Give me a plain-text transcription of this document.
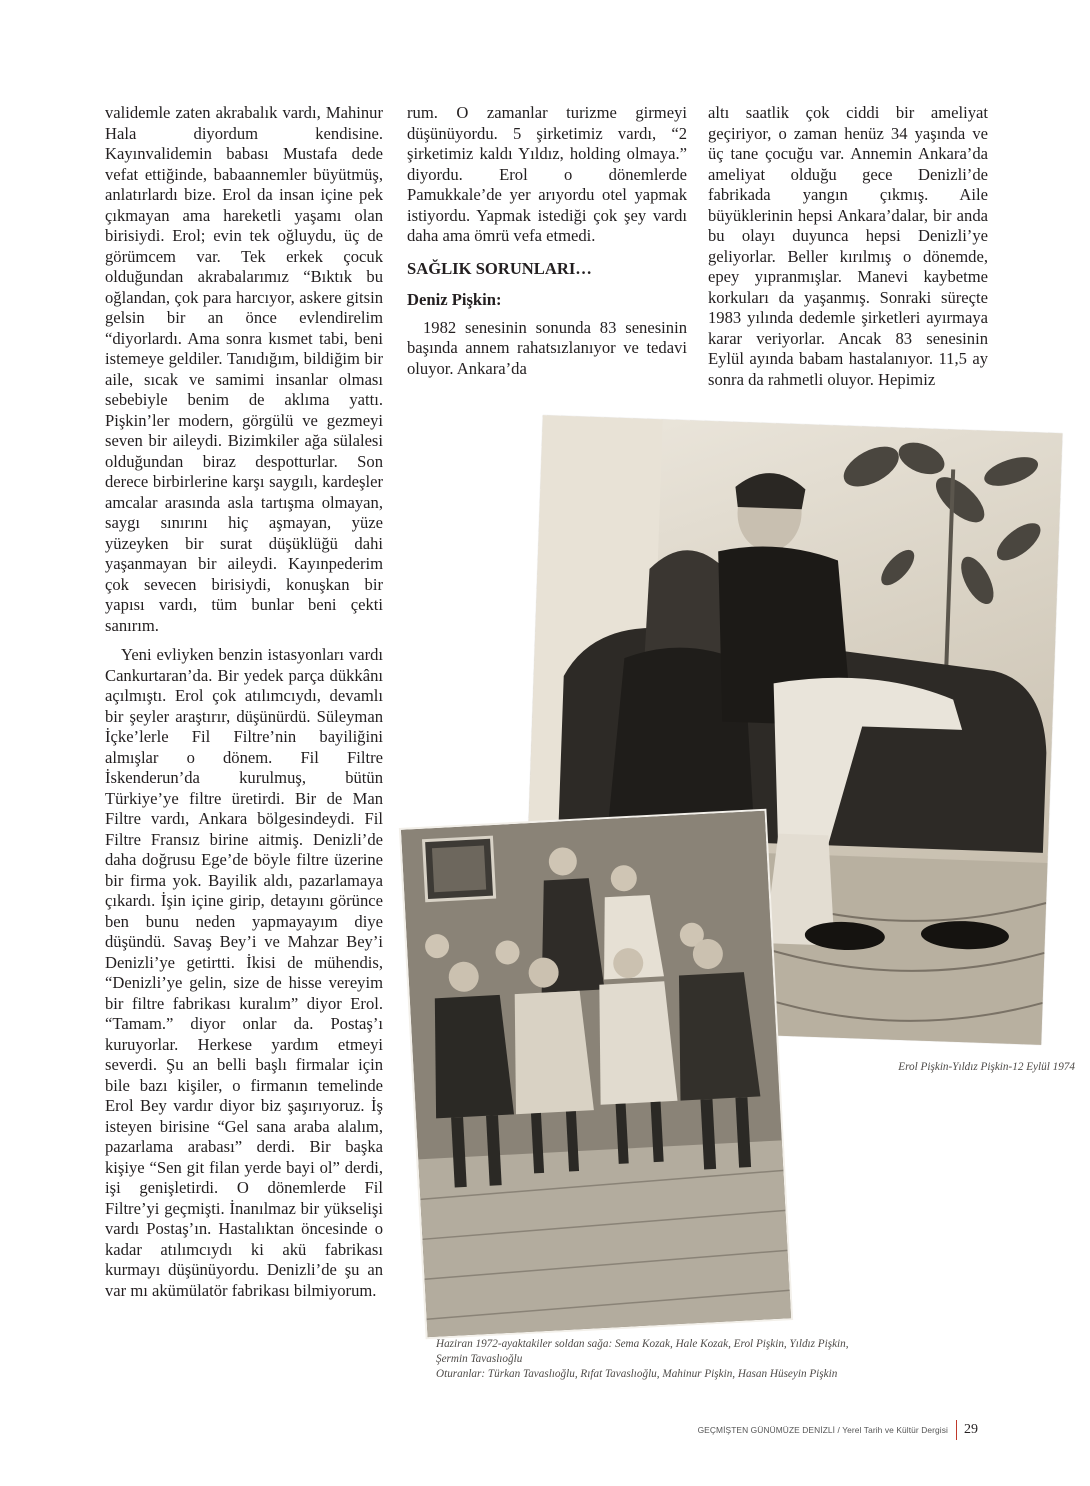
validemle zaten akrabalık vardı, Mahinur Hala diyordum kendisine. Kayınvalidemin babası Mustafa dede vefat ettiğinde, babaannemler büyütmüş, anlatırlardı bize. Erol da insan içine pek çıkmayan ama hareketli yaşamı olan birisiydi. Erol; evin tek oğluydu, üç de görümcem var. Tek erkek çocuk olduğundan akrabalarımız “Bıktık bu oğlandan, çok para harcıyor, askere gitsin gelsin bir an önce evlendirelim “diyorlardı. Ama sonra kısmet tabi, beni istemeye geldiler. Tanıdığım, bildiğim bir aile, sıcak ve samimi insanlar olması sebebiyle benim de aklıma yattı. Pişkin’ler modern, görgülü ve gezmeyi seven bir aileydi. Bizimkiler ağa sülalesi olduğundan biraz despotturlar. Son derece birbirlerine karşı saygılı, kardeşler amcalar arasında asla tartışma olmayan, saygı sınırını hiç aşmayan, yüze yüzeyken bir surat düşüklüğü dahi yaşanmayan bir aileydi. Kayınpederim çok sevecen birisiydi, konuşkan bir yapısı vardı, tüm bunlar beni çekti sanırım.

Yeni evliyken benzin istasyonları vardı Cankurtaran’da. Bir yedek parça dükkânı açılmıştı. Erol çok atılımcıydı, devamlı bir şeyler araştırır, düşünürdü. Süleyman İçke’lerle Fil Filtre’nin bayiliğini almışlar o dönem. Fil Filtre İskenderun’da kurulmuş, bütün Türkiye’ye filtre üretirdi. Bir de Man Filtre vardı, Ankara bölgesindeydi. Fil Filtre Fransız birine aitmiş. Denizli’de daha doğrusu Ege’de böyle filtre üzerine bir firma yok. Bayilik aldı, pazarlamaya çıkardı. İşin içine girip, detayını görünce ben bunu neden yapmayayım diye düşündü. Savaş Bey’i ve Mahzar Bey’i Denizli’ye getirtti. İkisi de mühendis, “Denizli’ye gelin, size de hisse vereyim bir filtre fabrikası kuralım” diyor Erol. “Tamam.” diyor onlar da. Postaş’ı kuruyorlar. Herkese yardım etmeyi severdi. Şu an belli başlı firmalar için bile bazı kişiler, o firmanın temelinde Erol Bey vardır diyor biz şaşırıyoruz. İş isteyen birisine “Gel sana araba alalım, pazarlama arabası” derdi. Bir başka kişiye “Sen git filan yerde bayi ol” derdi, işi genişletirdi. O dönemlerde Fil Filtre’yi geçmişti. İnanılmaz bir yükselişi vardı Postaş’ın. Hastalıktan öncesinde o kadar atılımcıydı ki akü fabrikası kurmayı düşünüyordu. Denizli’de şu an var mı akümülatör fabrikası bilmiyorum.

rum. O zamanlar turizme girmeyi düşünüyordu. 5 şirketimiz vardı, “2 şirketimiz kaldı Yıldız, holding olmaya.” diyordu. Erol o dönemlerde Pamukkale’de yer arıyordu otel yapmak istiyordu. Yapmak istediği çok şey vardı daha ama ömrü vefa etmedi.

SAĞLIK SORUNLARI…
Deniz Pişkin:

1982 senesinin sonunda 83 senesinin başında annem rahatsızlanıyor ve tedavi oluyor. Ankara’da

altı saatlik çok ciddi bir ameliyat geçiriyor, o zaman henüz 34 yaşında ve üç tane çocuğu var. Annemin Ankara’da ameliyat olduğu gece Denizli’de fabrikada yangın çıkmış. Aile büyüklerinin hepsi Ankara’dalar, bir anda bu olayı duyunca hepsi Denizli’ye geliyorlar. Beller kırılmış o dönemde, epey yıpranmışlar. Manevi kaybetme korkuları da yaşanmış. Sonraki süreçte 1983 yılında dedemle şirketleri ayırmaya karar veriyorlar. Ancak 83 senesinin Eylül ayında babam hastalanıyor. 11,5 ay sonra da rahmetli oluyor. Hepimiz

Erol Pişkin-Yıldız Pişkin-12 Eylül 1974
Haziran 1972-ayaktakiler soldan sağa: Sema Kozak, Hale Kozak, Erol Pişkin, Yıldız Pişkin, Şermin Tavaslıoğlu
Oturanlar: Türkan Tavaslıoğlu, Rıfat Tavaslıoğlu, Mahinur Pişkin, Hasan Hüseyin Pişkin
GEÇMİŞTEN GÜNÜMÜZE DENİZLİ / Yerel Tarih ve Kültür Dergisi 29
